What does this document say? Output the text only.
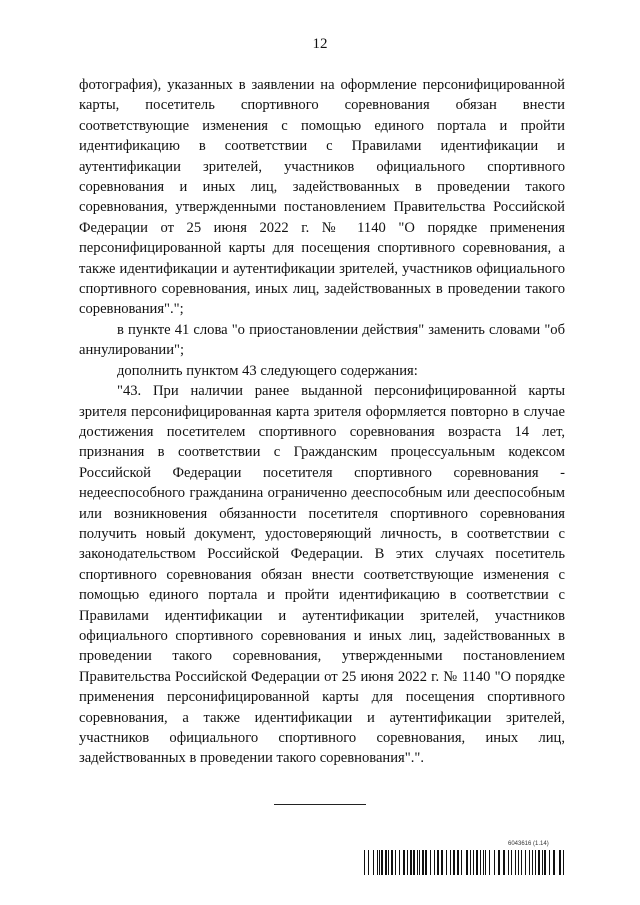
12

фотография), указанных в заявлении на оформление персонифицированной карты, посетитель спортивного соревнования обязан внести соответствующие изменения с помощью единого портала и пройти идентификацию в соответствии с Правилами идентификации и аутентификации зрителей, участников официального спортивного соревнования и иных лиц, задействованных в проведении такого соревнования, утвержденными постановлением Правительства Российской Федерации от 25 июня 2022 г. № 1140 "О порядке применения персонифицированной карты для посещения спортивного соревнования, а также идентификации и аутентификации зрителей, участников официального спортивного соревнования, иных лиц, задействованных в проведении такого соревнования".";

в пункте 41 слова "о приостановлении действия" заменить словами "об аннулировании";

дополнить пунктом 43 следующего содержания:

"43. При наличии ранее выданной персонифицированной карты зрителя персонифицированная карта зрителя оформляется повторно в случае достижения посетителем спортивного соревнования возраста 14 лет, признания в соответствии с Гражданским процессуальным кодексом Российской Федерации посетителя спортивного соревнования - недееспособного гражданина ограниченно дееспособным или дееспособным или возникновения обязанности посетителя спортивного соревнования получить новый документ, удостоверяющий личность, в соответствии с законодательством Российской Федерации. В этих случаях посетитель спортивного соревнования обязан внести соответствующие изменения с помощью единого портала и пройти идентификацию в соответствии с Правилами идентификации и аутентификации зрителей, участников официального спортивного соревнования и иных лиц, задействованных в проведении такого соревнования, утвержденными постановлением Правительства Российской Федерации от 25 июня 2022 г. № 1140 "О порядке применения персонифицированной карты для посещения спортивного соревнования, а также идентификации и аутентификации зрителей, участников официального спортивного соревнования, иных лиц, задействованных в проведении такого соревнования".".

6043616 (1.14)
